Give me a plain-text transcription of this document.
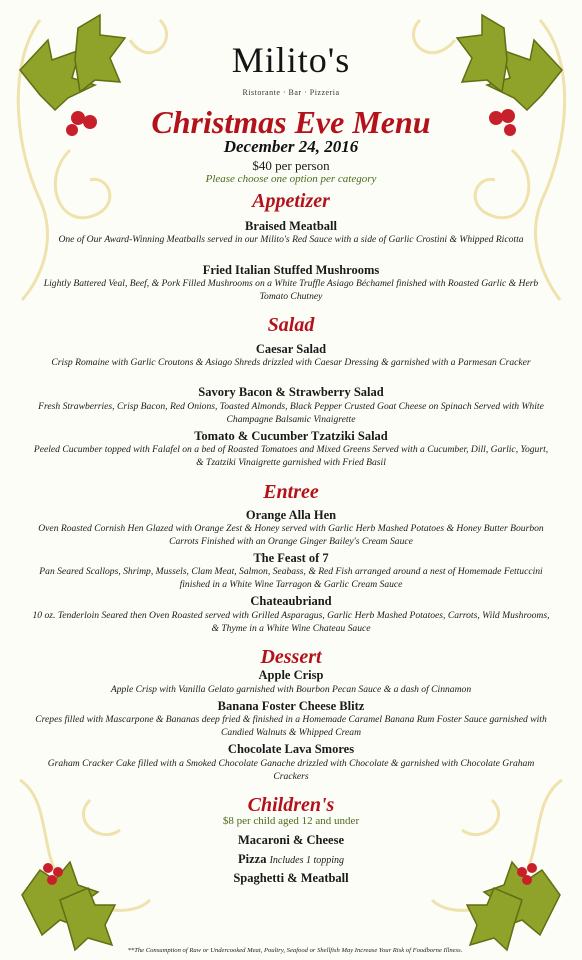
Milito's
Ristorante · Bar · Pizzeria
Christmas Eve Menu
December 24, 2016
$40 per person
Please choose one option per category
Appetizer
Braised Meatball
One of Our Award-Winning Meatballs served in our Milito's Red Sauce with a side of Garlic Crostini & Whipped Ricotta
Fried Italian Stuffed Mushrooms
Lightly Battered Veal, Beef, & Pork Filled Mushrooms on a White Truffle Asiago Béchamel finished with Roasted Garlic & Herb Tomato Chutney
Salad
Caesar Salad
Crisp Romaine with Garlic Croutons & Asiago Shreds drizzled with Caesar Dressing & garnished with a Parmesan Cracker
Savory Bacon & Strawberry Salad
Fresh Strawberries, Crisp Bacon, Red Onions, Toasted Almonds, Black Pepper Crusted Goat Cheese on Spinach Served with White Champagne Balsamic Vinaigrette
Tomato & Cucumber Tzatziki Salad
Peeled Cucumber topped with Falafel on a bed of Roasted Tomatoes and Mixed Greens Served with a Cucumber, Dill, Garlic, Yogurt, & Tzatziki Vinaigrette garnished with Fried Basil
Entree
Orange Alla Hen
Oven Roasted Cornish Hen Glazed with Orange Zest & Honey served with Garlic Herb Mashed Potatoes & Honey Butter Bourbon Carrots Finished with an Orange Ginger Bailey's Cream Sauce
The Feast of 7
Pan Seared Scallops, Shrimp, Mussels, Clam Meat, Salmon, Seabass, & Red Fish arranged around a nest of Homemade Fettuccini finished in a White Wine Tarragon & Garlic Cream Sauce
Chateaubriand
10 oz. Tenderloin Seared then Oven Roasted served with Grilled Asparagus, Garlic Herb Mashed Potatoes, Carrots, Wild Mushrooms, & Thyme in a White Wine Chateau Sauce
Dessert
Apple Crisp
Apple Crisp with Vanilla Gelato garnished with Bourbon Pecan Sauce & a dash of Cinnamon
Banana Foster Cheese Blitz
Crepes filled with Mascarpone & Bananas deep fried & finished in a Homemade Caramel Banana Rum Foster Sauce garnished with Candied Walnuts & Whipped Cream
Chocolate Lava Smores
Graham Cracker Cake filled with a Smoked Chocolate Ganache drizzled with Chocolate & garnished with Chocolate Graham Crackers
Children's
$8 per child aged 12 and under
Macaroni & Cheese
Pizza Includes 1 topping
Spaghetti & Meatball
**The Consumption of Raw or Undercooked Meat, Poultry, Seafood or Shellfish May Increase Your Risk of Foodborne Illness.
